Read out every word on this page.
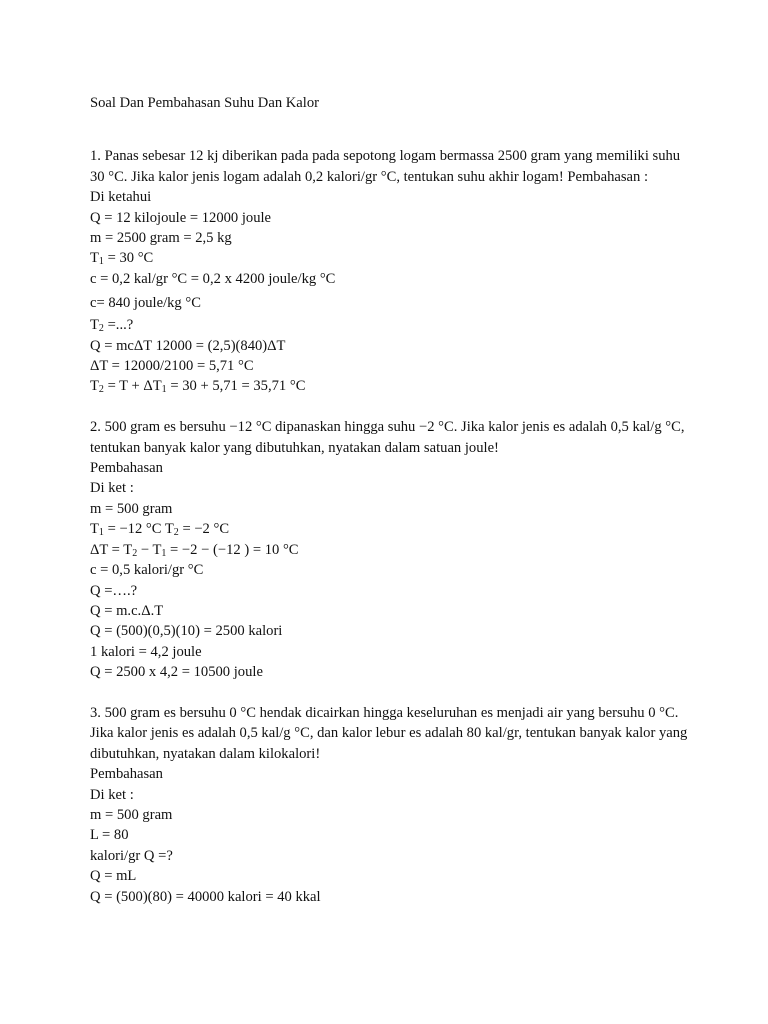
Soal Dan Pembahasan Suhu Dan Kalor

1. Panas sebesar 12 kj diberikan pada pada sepotong logam bermassa 2500 gram yang memiliki suhu 30 °C. Jika kalor jenis logam adalah 0,2 kalori/gr °C, tentukan suhu akhir logam! Pembahasan :

Di ketahui
Q = 12 kilojoule = 12000 joule
m = 2500 gram = 2,5 kg
$T_1 = 30$ °C
c = 0,2 kal/gr °C = 0,2 x 4200 joule/kg °C
c= 840 joule/kg °C
$T_2$ =...?
Q = mcΔT 12000 = (2,5)(840)ΔT
ΔT = 12000/2100 = 5,71 °C
$T_2 = T + \Delta T_1 = 30 + 5,71 = 35,71$ °C

2. 500 gram es bersuhu −12 °C dipanaskan hingga suhu −2 °C. Jika kalor jenis es adalah 0,5 kal/g °C, tentukan banyak kalor yang dibutuhkan, nyatakan dalam satuan joule!

Pembahasan
Di ket :
m = 500 gram
$T_1 = -12$ °C $T_2 = -2$ °C
$\Delta T = T_2 - T_1 = -2 - (-12$ ) = 10 °C
c = 0,5 kalori/gr °C
Q =….?
Q = m.c.Δ.T
Q = (500)(0,5)(10) = 2500 kalori
1 kalori = 4,2 joule
Q = 2500 x 4,2 = 10500 joule

3. 500 gram es bersuhu 0 °C hendak dicairkan hingga keseluruhan es menjadi air yang bersuhu 0 °C. Jika kalor jenis es adalah 0,5 kal/g °C, dan kalor lebur es adalah 80 kal/gr, tentukan banyak kalor yang dibutuhkan, nyatakan dalam kilokalori!

Pembahasan
Di ket :
m = 500 gram
L = 80
kalori/gr Q =?
Q = mL
Q = (500)(80) = 40000 kalori = 40 kkal
